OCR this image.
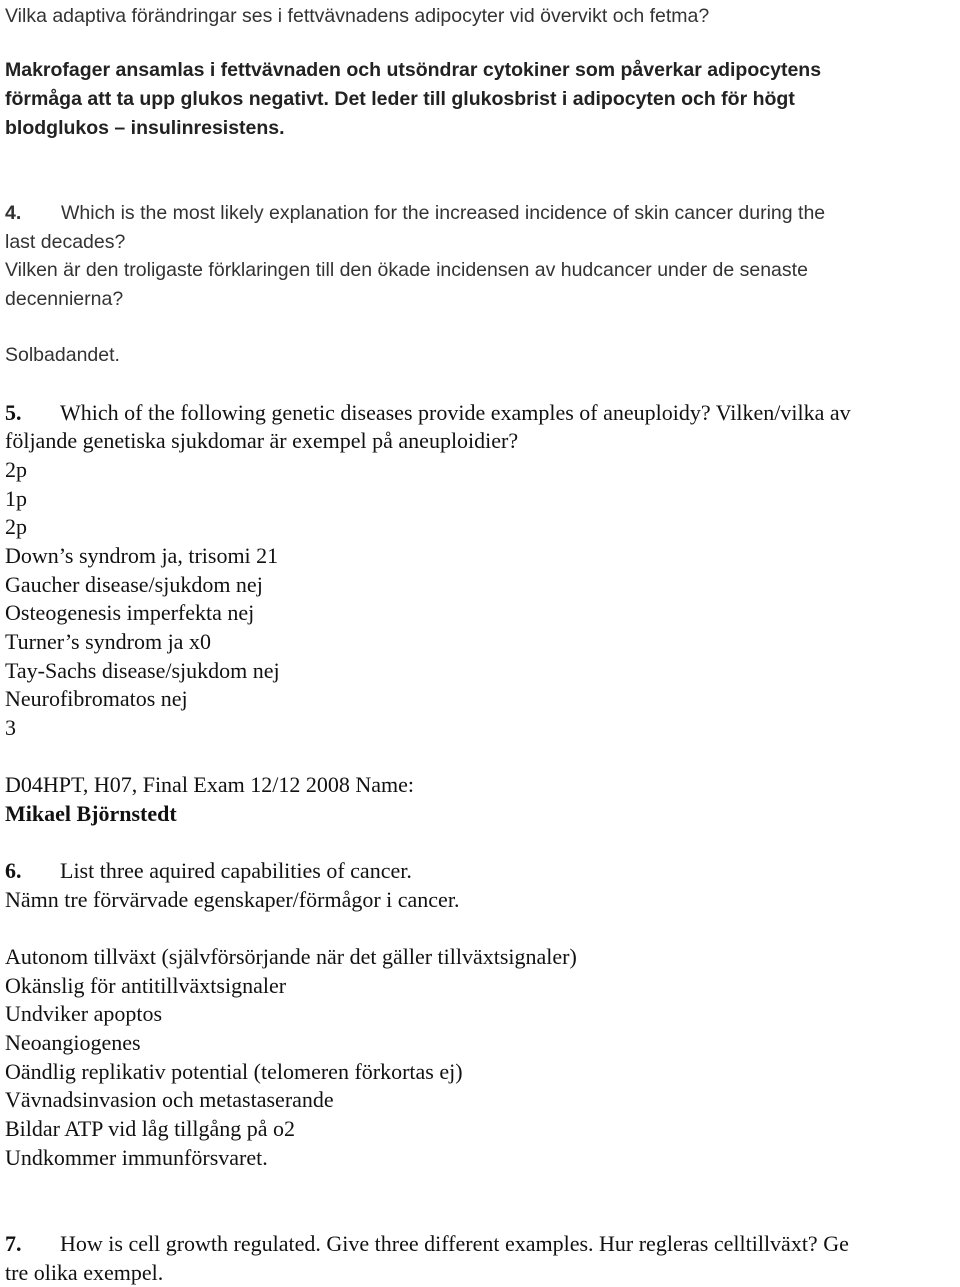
Vilka adaptiva förändringar ses i fettvävnadens adipocyter vid övervikt och fetma?
Makrofager ansamlas i fettvävnaden och utsöndrar cytokiner som påverkar adipocytens
förmåga att ta upp glukos negativt. Det leder till glukosbrist i adipocyten och för högt
blodglukos – insulinresistens.
4. Which is the most likely explanation for the increased incidence of skin cancer during the
last decades?
Vilken är den troligaste förklaringen till den ökade incidensen av hudcancer under de senaste
decennierna?
Solbadandet.
5. Which of the following genetic diseases provide examples of aneuploidy? Vilken/vilka av
följande genetiska sjukdomar är exempel på aneuploidier?
2p
1p
2p
Down’s syndrom ja, trisomi 21
Gaucher disease/sjukdom nej
Osteogenesis imperfekta nej
Turner’s syndrom ja x0
Tay-Sachs disease/sjukdom nej
Neurofibromatos nej
3
D04HPT, H07, Final Exam 12/12 2008 Name:
Mikael Björnstedt
6. List three aquired capabilities of cancer.
Nämn tre förvärvade egenskaper/förmågor i cancer.
Autonom tillväxt (självförsörjande när det gäller tillväxtsignaler)
Okänslig för antitillväxtsignaler
Undviker apoptos
Neoangiogenes
Oändlig replikativ potential (telomeren förkortas ej)
Vävnadsinvasion och metastaserande
Bildar ATP vid låg tillgång på o2
Undkommer immunförsvaret.
7. How is cell growth regulated. Give three different examples. Hur regleras celltillväxt? Ge
tre olika exempel.
